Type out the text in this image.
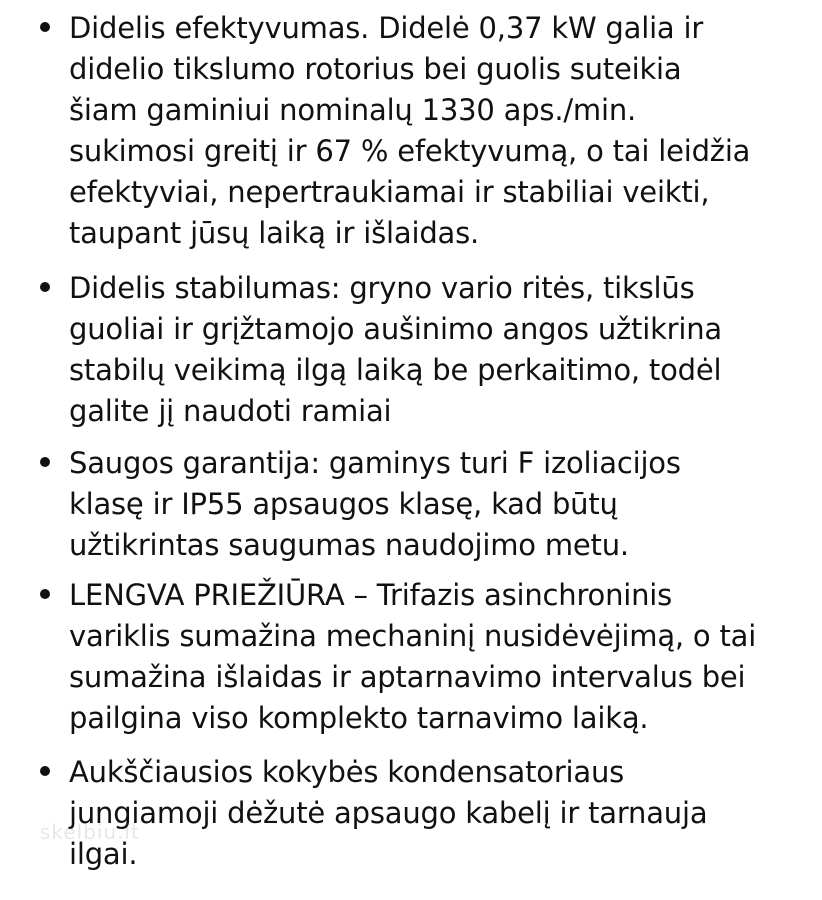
Didelis efektyvumas. Didelė 0,37 kW galia ir
didelio tikslumo rotorius bei guolis suteikia
šiam gaminiui nominalų 1330 aps./min.
sukimosi greitį ir 67 % efektyvumą, o tai leidžia
efektyviai, nepertraukiamai ir stabiliai veikti,
taupant jūsų laiką ir išlaidas.
Didelis stabilumas: gryno vario ritės, tikslūs
guoliai ir grįžtamojo aušinimo angos užtikrina
stabilų veikimą ilgą laiką be perkaitimo, todėl
galite jį naudoti ramiai
Saugos garantija: gaminys turi F izoliacijos
klasę ir IP55 apsaugos klasę, kad būtų
užtikrintas saugumas naudojimo metu.
LENGVA PRIEŽIŪRA – Trifazis asinchroninis
variklis sumažina mechaninį nusidėvėjimą, o tai
sumažina išlaidas ir aptarnavimo intervalus bei
pailgina viso komplekto tarnavimo laiką.
Aukščiausios kokybės kondensatoriaus
jungiamoji dėžutė apsaugo kabelį ir tarnauja
ilgai.
skelbiu.lt
